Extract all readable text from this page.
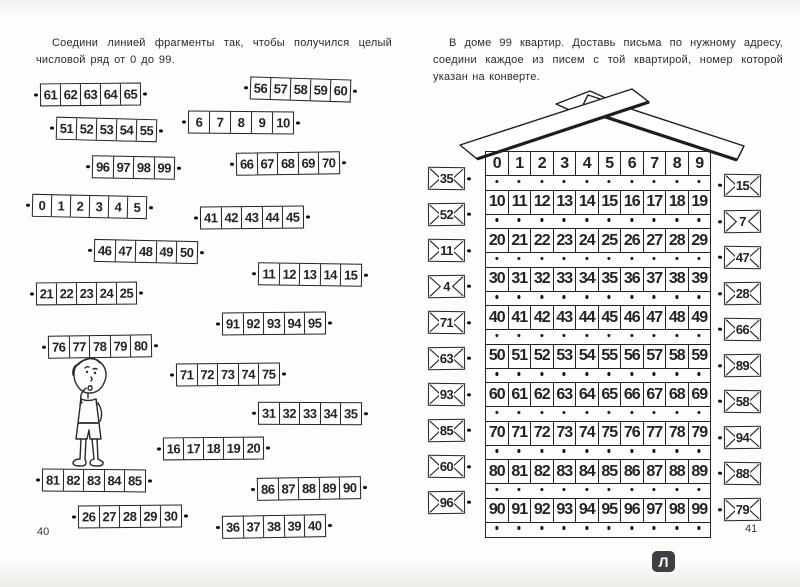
Соедини линией фрагменты так, чтобы получился целый числовой ряд от 0 до 99.

61 62 63 64 65	56 57 58 59 60
51 52 53 54 55
6	7	8	9 10
96 97 98 99	66 67 68 69 70
0 1 2 3 4 5
41 42 43 44 45
46 47 48 49 50
11 12 13 14 15
21 22 23 24 25
91 92 93 94 95
76 77 78 79 80
71 72 73 74 75
31 32 33 34 35
16 17 18 19 20
81 82 83 84 85
86 87 88 89 90
26 27 28 29 30
36 37 38 39 40
40

В доме 99 квартир. Доставь письма по нужному адресу, соедини каждое из писем с той квартирой, номер которой указан на конверте.

0 1 2 3 4 5 6 7 8 9
10 11 12 13 14 15 16 17 18 19
20 21 22 23 24 25 26 27 28 29
30 31 32 33 34 35 36 37 38 39
40 41 42 43 44 45 46 47 48 49
50 51 52 53 54 55 56 57 58 59
60 61 62 63 64 65 66 67 68 69
70 71 72 73 74 75 76 77 78 79
80 81 82 83 84 85 86 87 88 89
90 91 92 93 94 95 96 97 98 99
35
52
11
4
71
63
93
85
60
96
15
7
47
28
66
89
58
94
88
79
41
Л
